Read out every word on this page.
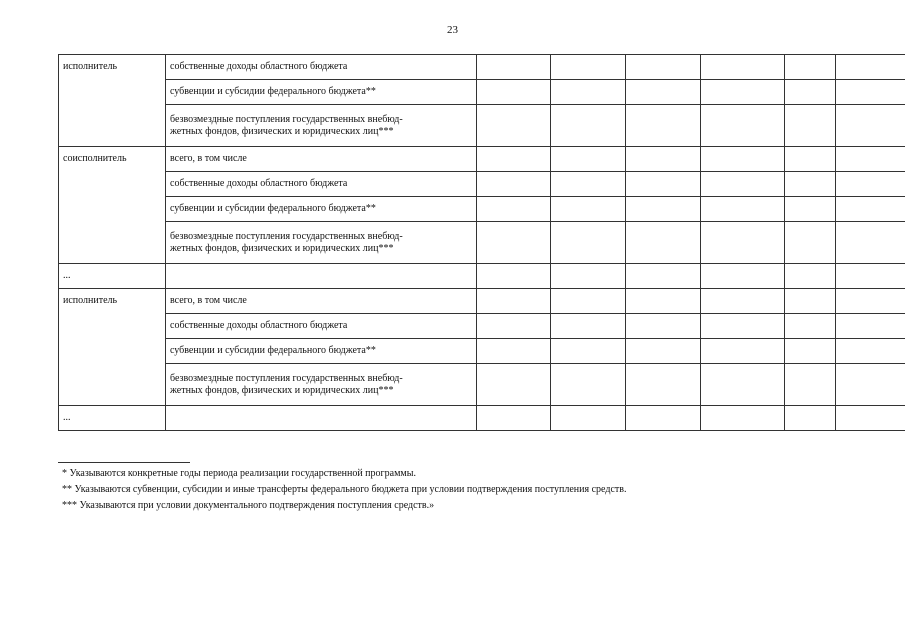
23
исполнитель	собственные доходы областного бюджета						
	субвенции и субсидии федерального бюджета**						
	безвозмездные поступления государственных внебюд-
жетных фондов, физических и юридических лиц***						
соисполнитель	всего, в том числе						
	собственные доходы областного бюджета						
	субвенции и субсидии федерального бюджета**						
	безвозмездные поступления государственных внебюд-
жетных фондов, физических и юридических лиц***						
...							
исполнитель	всего, в том числе						
	собственные доходы областного бюджета						
	субвенции и субсидии федерального бюджета**						
	безвозмездные поступления государственных внебюд-
жетных фондов, физических и юридических лиц***						
...							
* Указываются конкретные годы периода реализации государственной программы.
** Указываются субвенции, субсидии и иные трансферты федерального бюджета при условии подтверждения поступления средств.
*** Указываются при условии документального подтверждения поступления средств.»
